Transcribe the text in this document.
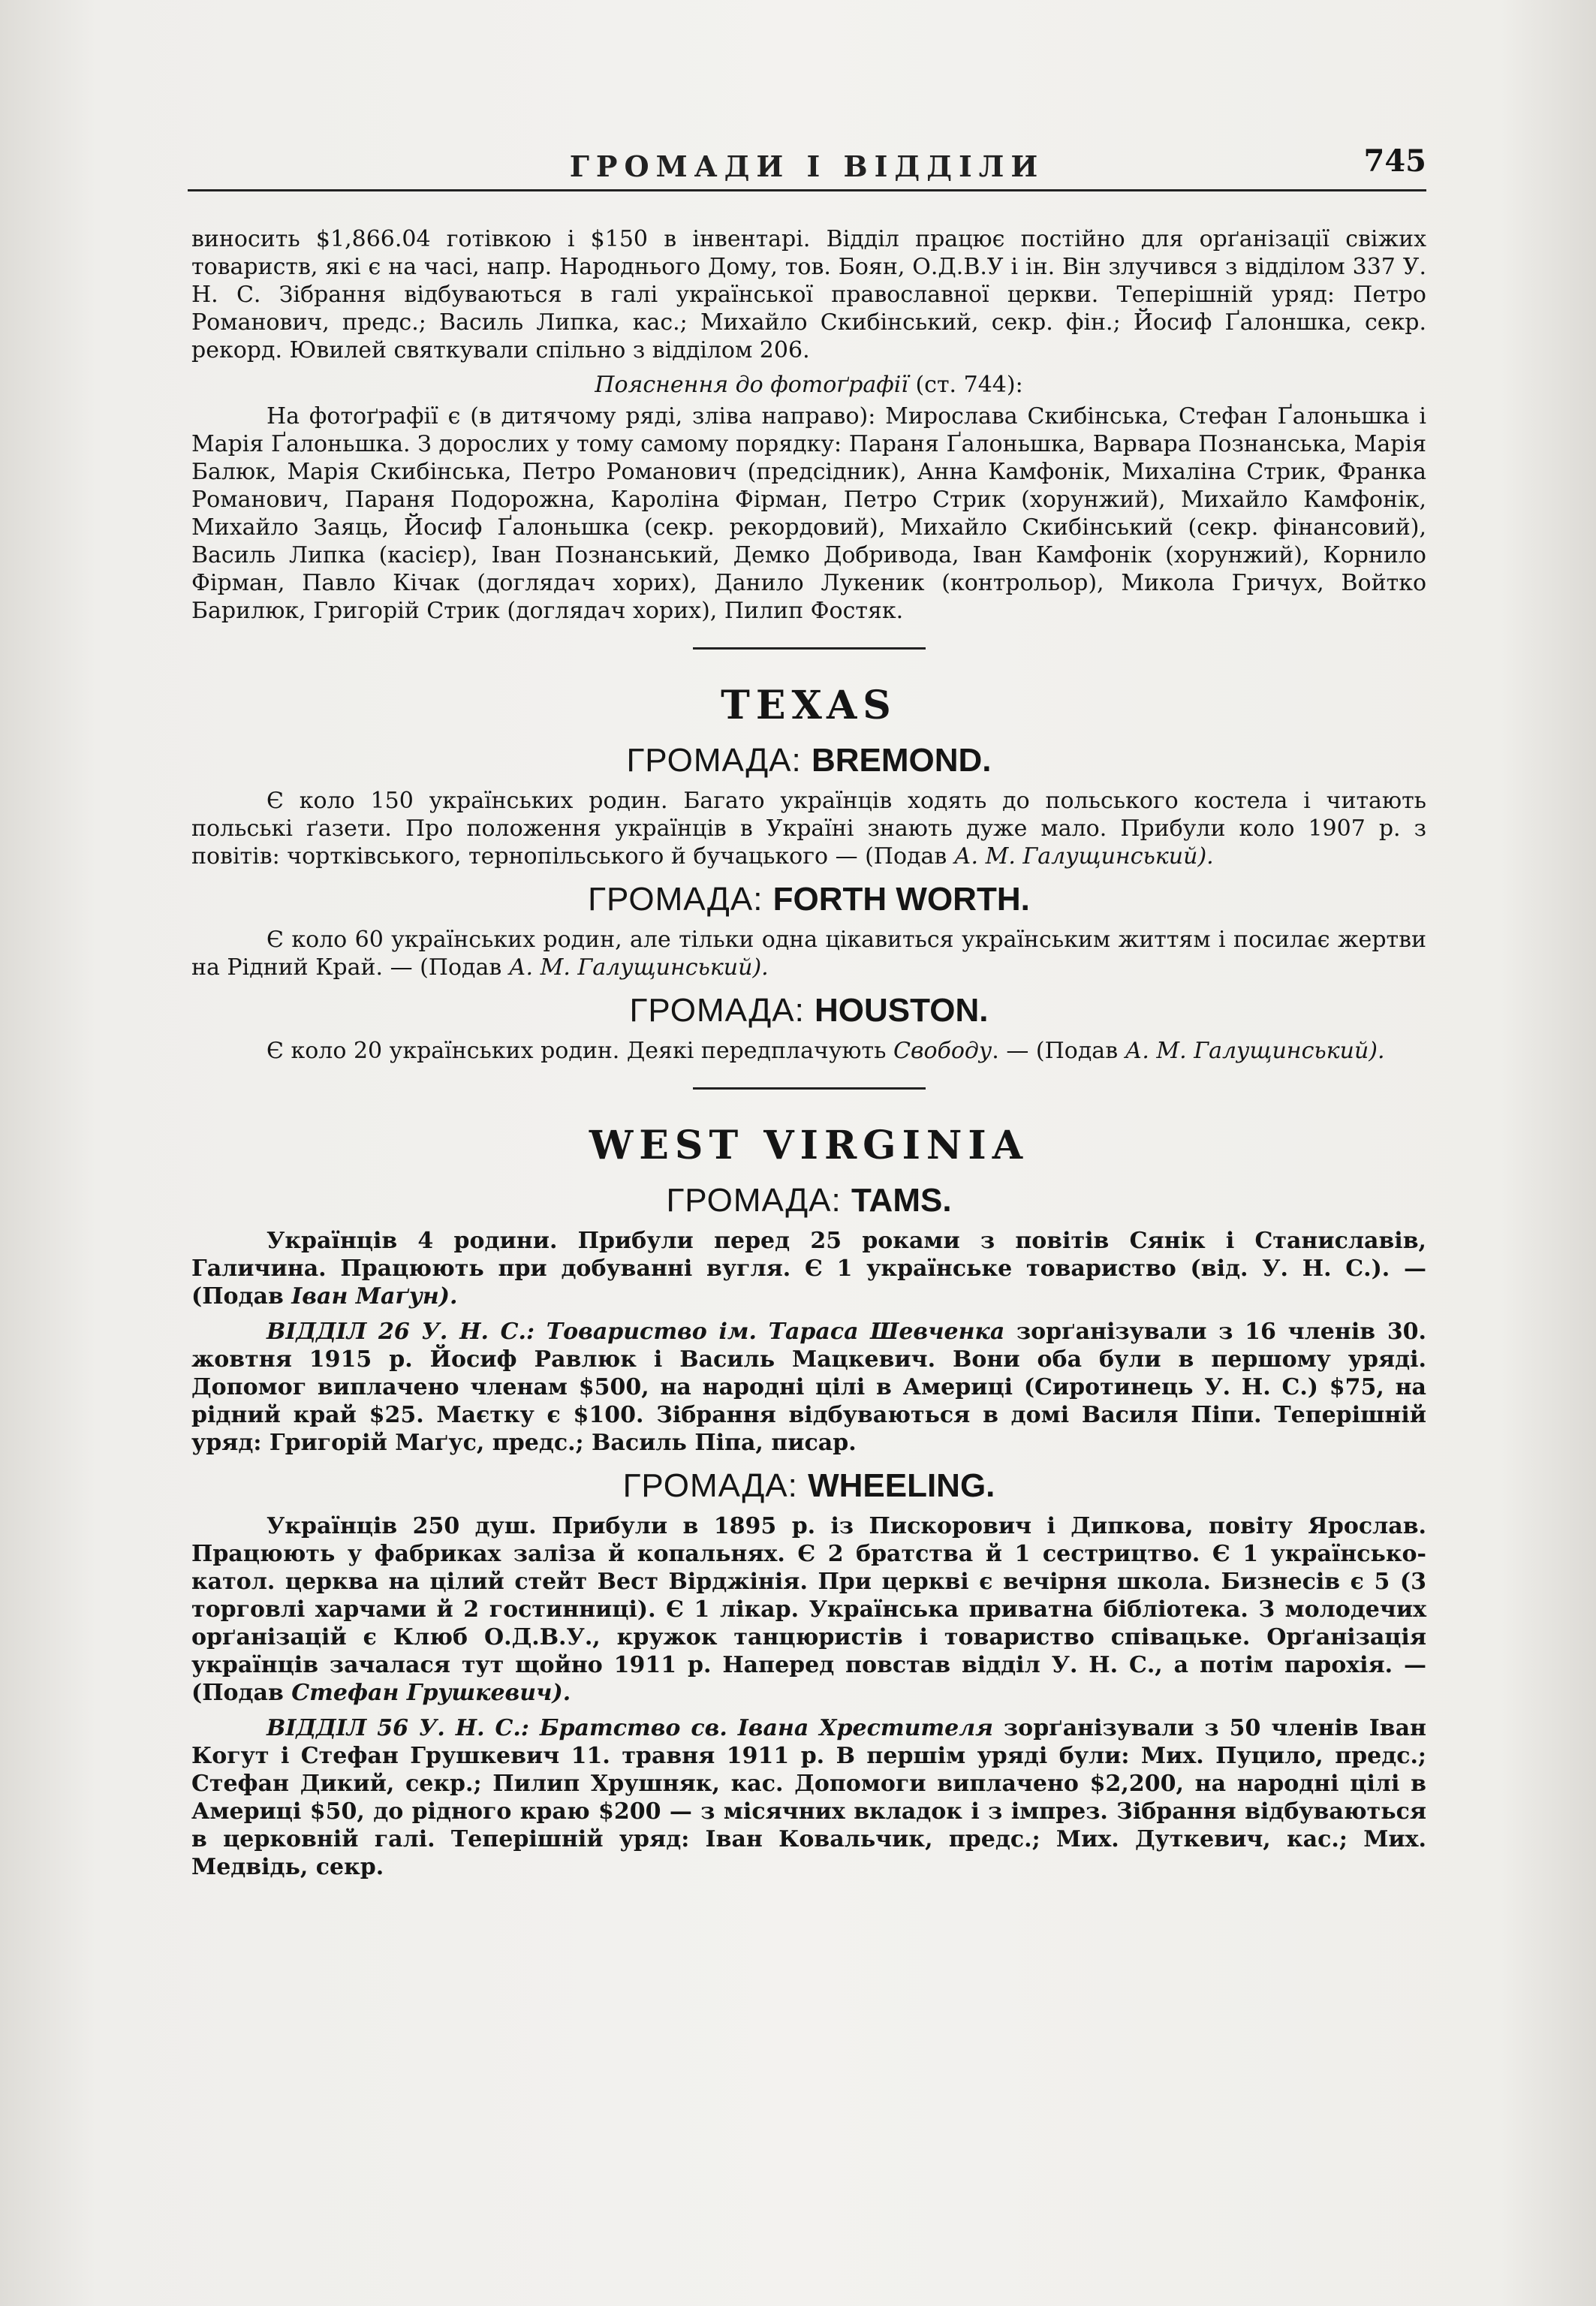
ГРОМАДИ І ВІДДІЛИ	745

виносить $1,866.04 готівкою і $150 в інвентарі. Відділ працює постійно для орґанізації свіжих товариств, які є на часі, напр. Народнього Дому, тов. Боян, О.Д.В.У і ін. Він злучився з відділом 337 У. Н. С. Зібрання відбуваються в галі української православної церкви. Теперішній уряд: Петро Романович, предс.; Василь Липка, кас.; Михайло Скибінський, секр. фін.; Йосиф Ґалоншка, секр. рекорд. Ювилей святкували спільно з відділом 206.

Пояснення до фотоґрафії (ст. 744):

На фотоґрафії є (в дитячому ряді, зліва направо): Мирослава Скибінська, Стефан Ґалоньшка і Марія Ґалоньшка. З дорослих у тому самому порядку: Параня Ґалоньшка, Варвара Познанська, Марія Балюк, Марія Скибінська, Петро Романович (предсідник), Анна Камфонік, Михаліна Стрик, Франка Романович, Параня Подорожна, Кароліна Фірман, Петро Стрик (хорунжий), Михайло Камфонік, Михайло Заяць, Йосиф Ґалоньшка (секр. рекордовий), Михайло Скибінський (секр. фінансовий), Василь Липка (касієр), Іван Познанський, Демко Добривода, Іван Камфонік (хорунжий), Корнило Фірман, Павло Кічак (доглядач хорих), Данило Лукеник (контрольор), Микола Гричух, Войтко Барилюк, Григорій Стрик (доглядач хорих), Пилип Фостяк.

TEXAS
ГРОМАДА: BREMOND.

Є коло 150 українських родин. Багато українців ходять до польського костела і читають польські ґазети. Про положення українців в Україні знають дуже мало. Прибули коло 1907 р. з повітів: чортківського, тернопільського й бучацького — (Подав А. М. Галущинський).

ГРОМАДА: FORTH WORTH.

Є коло 60 українських родин, але тільки одна цікавиться українським життям і посилає жертви на Рідний Край. — (Подав А. М. Галущинський).

ГРОМАДА: HOUSTON.

Є коло 20 українських родин. Деякі передплачують Свободу. — (Подав А. М. Галущинський).

WEST VIRGINIA
ГРОМАДА: TAMS.

Українців 4 родини. Прибули перед 25 роками з повітів Сянік і Станиславів, Галичина. Працюють при добуванні вугля. Є 1 українське товариство (від. У. Н. С.). — (Подав Іван Маґун).

ВІДДІЛ 26 У. Н. С.: Товариство ім. Тараса Шевченка зорґанізували з 16 членів 30. жовтня 1915 р. Йосиф Равлюк і Василь Мацкевич. Вони оба були в першому уряді. Допомог виплачено членам $500, на народні цілі в Америці (Сиротинець У. Н. С.) $75, на рідний край $25. Маєтку є $100. Зібрання відбуваються в домі Василя Піпи. Теперішній уряд: Григорій Маґус, предс.; Василь Піпа, писар.

ГРОМАДА: WHEELING.

Українців 250 душ. Прибули в 1895 р. із Пискорович і Дипкова, повіту Ярослав. Працюють у фабриках заліза й копальнях. Є 2 братства й 1 сестрицтво. Є 1 українсько-катол. церква на цілий стейт Вест Вірджінія. При церкві є вечірня школа. Бизнесів є 5 (3 торговлі харчами й 2 гостинниці). Є 1 лікар. Українська приватна бібліотека. З молодечих орґанізацій є Клюб О.Д.В.У., кружок танцюристів і товариство співацьке. Орґанізація українців зачалася тут щойно 1911 р. Наперед повстав відділ У. Н. С., а потім парохія. — (Подав Стефан Грушкевич).

ВІДДІЛ 56 У. Н. С.: Братство св. Івана Хрестителя зорґанізували з 50 членів Іван Когут і Стефан Грушкевич 11. травня 1911 р. В першім уряді були: Мих. Пуцило, предс.; Стефан Дикий, секр.; Пилип Хрушняк, кас. Допомоги виплачено $2,200, на народні цілі в Америці $50, до рідного краю $200 — з місячних вкладок і з імпрез. Зібрання відбуваються в церковній галі. Теперішній уряд: Іван Ковальчик, предс.; Мих. Дуткевич, кас.; Мих. Медвідь, секр.
